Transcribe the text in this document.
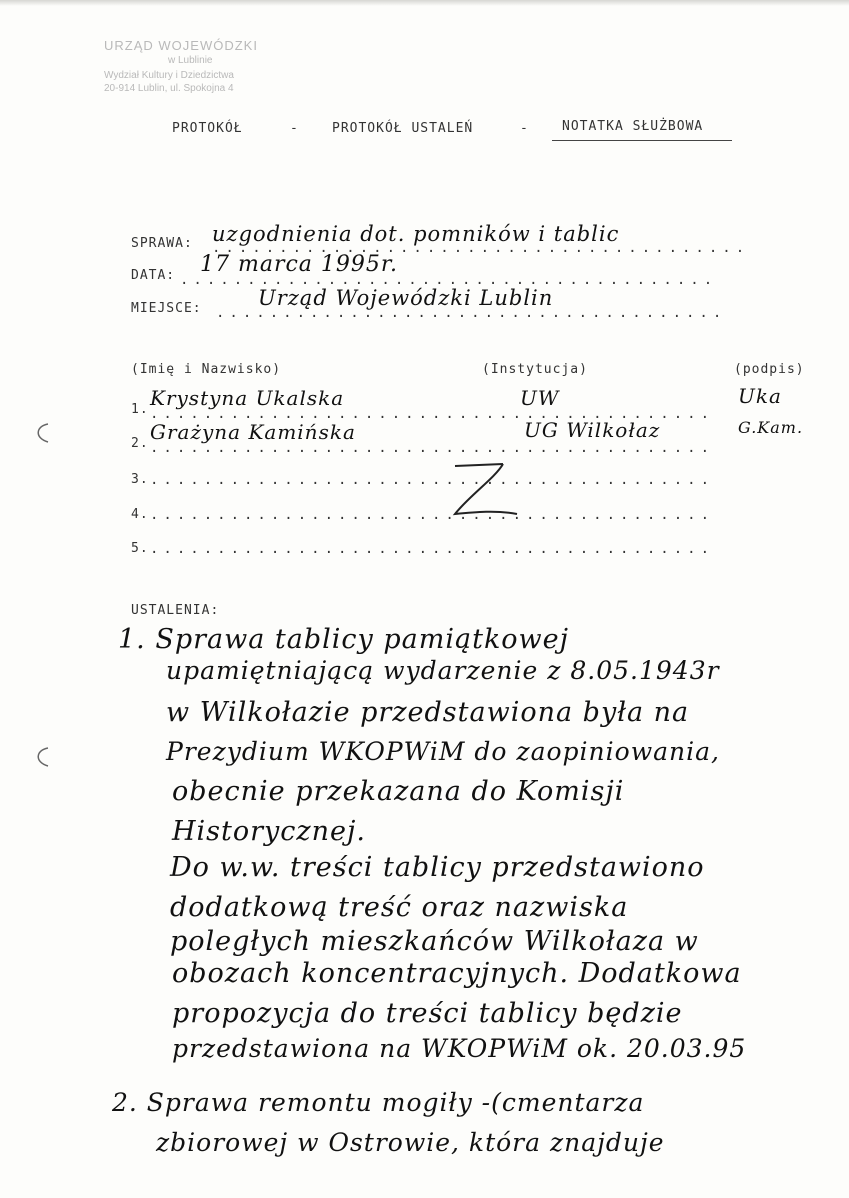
URZĄD WOJEWÓDZKI
w Lublinie
Wydział Kultury i Dziedzictwa
20-914 Lublin, ul. Spokojna 4
PROTOKÓŁ	-	PROTOKÓŁ USTALEŃ	-	NOTATKA SŁUŻBOWA
SPRAWA: uzgodnienia dot. pomników i tablic
........................................
DATA: 17 marca 1995r.
........................................
MIEJSCE:	Urząd Wojewódzki Lublin
......................................
(Imię i Nazwisko)	(Instytucja)	(podpis)
1. Krystyna Ukalska	UW	Uka
..........................................
2. Grażyna Kamińska	UG Wilkołaz	G.Kam.
..........................................
3. ..........................................
4. ..........................................
5. ..........................................
USTALENIA:
1. Sprawa tablicy pamiątkowej
upamiętniającą wydarzenie z 8.05.1943r
w Wilkołazie przedstawiona była na
Prezydium WKOPWiM do zaopiniowania,
obecnie przekazana do Komisji
Historycznej.
Do w.w. treści tablicy przedstawiono
dodatkową treść oraz nazwiska
poległych mieszkańców Wilkołaza w
obozach koncentracyjnych. Dodatkowa
propozycja do treści tablicy będzie
przedstawiona na WKOPWiM ok. 20.03.95
2. Sprawa remontu mogiły -(cmentarza
zbiorowej w Ostrowie, która znajduje
